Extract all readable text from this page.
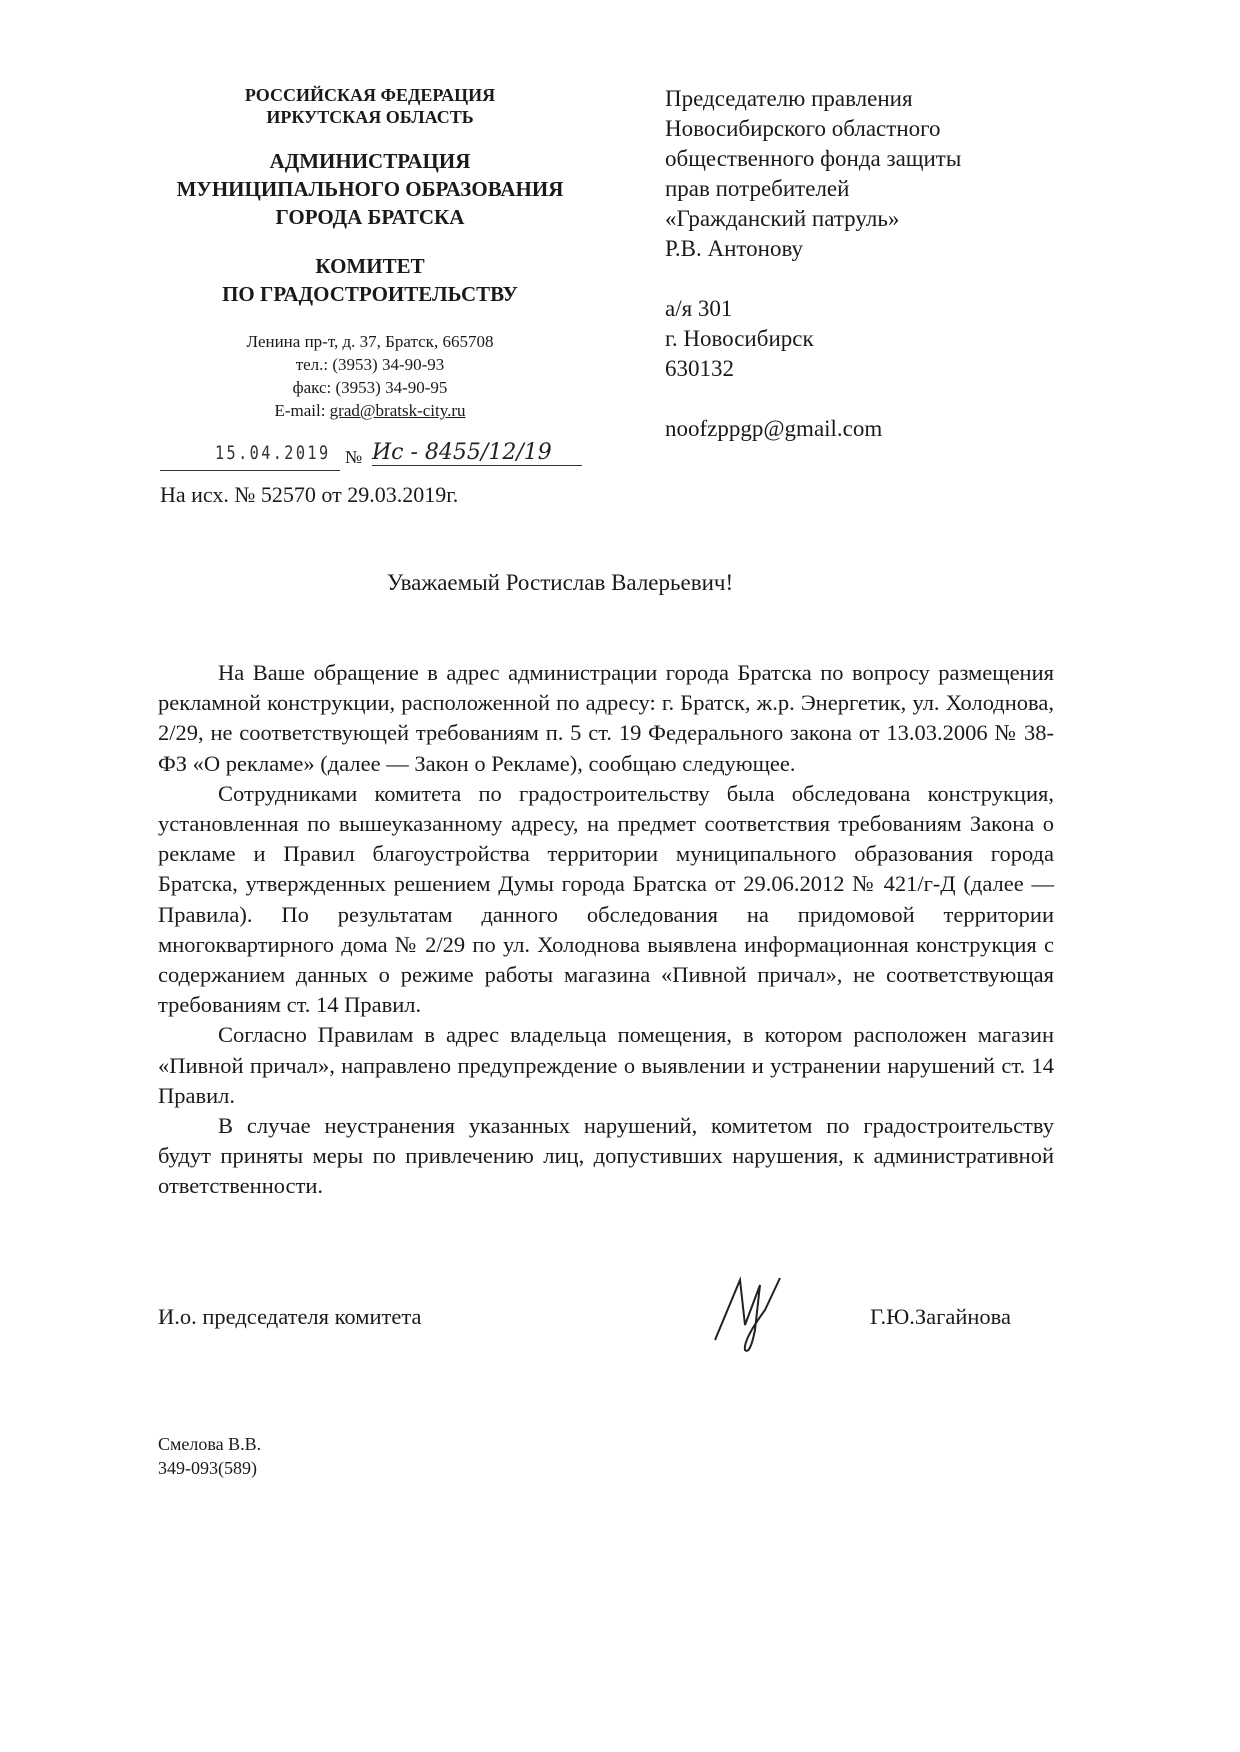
РОССИЙСКАЯ ФЕДЕРАЦИЯ
ИРКУТСКАЯ ОБЛАСТЬ
АДМИНИСТРАЦИЯ
МУНИЦИПАЛЬНОГО ОБРАЗОВАНИЯ
ГОРОДА БРАТСКА
КОМИТЕТ
ПО ГРАДОСТРОИТЕЛЬСТВУ
Ленина пр-т, д. 37, Братск, 665708
тел.: (3953) 34-90-93
факс: (3953) 34-90-95
E-mail: grad@bratsk-city.ru
15.04.2019 № Ис - 8455/12/19
На исх. № 52570 от 29.03.2019г.
Председателю правления
Новосибирского областного
общественного фонда защиты
прав потребителей
«Гражданский патруль»
Р.В. Антонову
а/я 301
г. Новосибирск
630132
noofzppgp@gmail.com
Уважаемый Ростислав Валерьевич!

На Ваше обращение в адрес администрации города Братска по вопросу размещения рекламной конструкции, расположенной по адресу: г. Братск, ж.р. Энергетик, ул. Холоднова, 2/29, не соответствующей требованиям п. 5 ст. 19 Федерального закона от 13.03.2006 № 38-ФЗ «О рекламе» (далее — Закон о Рекламе), сообщаю следующее.

Сотрудниками комитета по градостроительству была обследована конструкция, установленная по вышеуказанному адресу, на предмет соответствия требованиям Закона о рекламе и Правил благоустройства территории муниципального образования города Братска, утвержденных решением Думы города Братска от 29.06.2012 № 421/г-Д (далее — Правила). По результатам данного обследования на придомовой территории многоквартирного дома № 2/29 по ул. Холоднова выявлена информационная конструкция с содержанием данных о режиме работы магазина «Пивной причал», не соответствующая требованиям ст. 14 Правил.

Согласно Правилам в адрес владельца помещения, в котором расположен магазин «Пивной причал», направлено предупреждение о выявлении и устранении нарушений ст. 14 Правил.

В случае неустранения указанных нарушений, комитетом по градостроительству будут приняты меры по привлечению лиц, допустивших нарушения, к административной ответственности.

И.о. председателя комитета	Г.Ю.Загайнова
Смелова В.В.
349-093(589)
